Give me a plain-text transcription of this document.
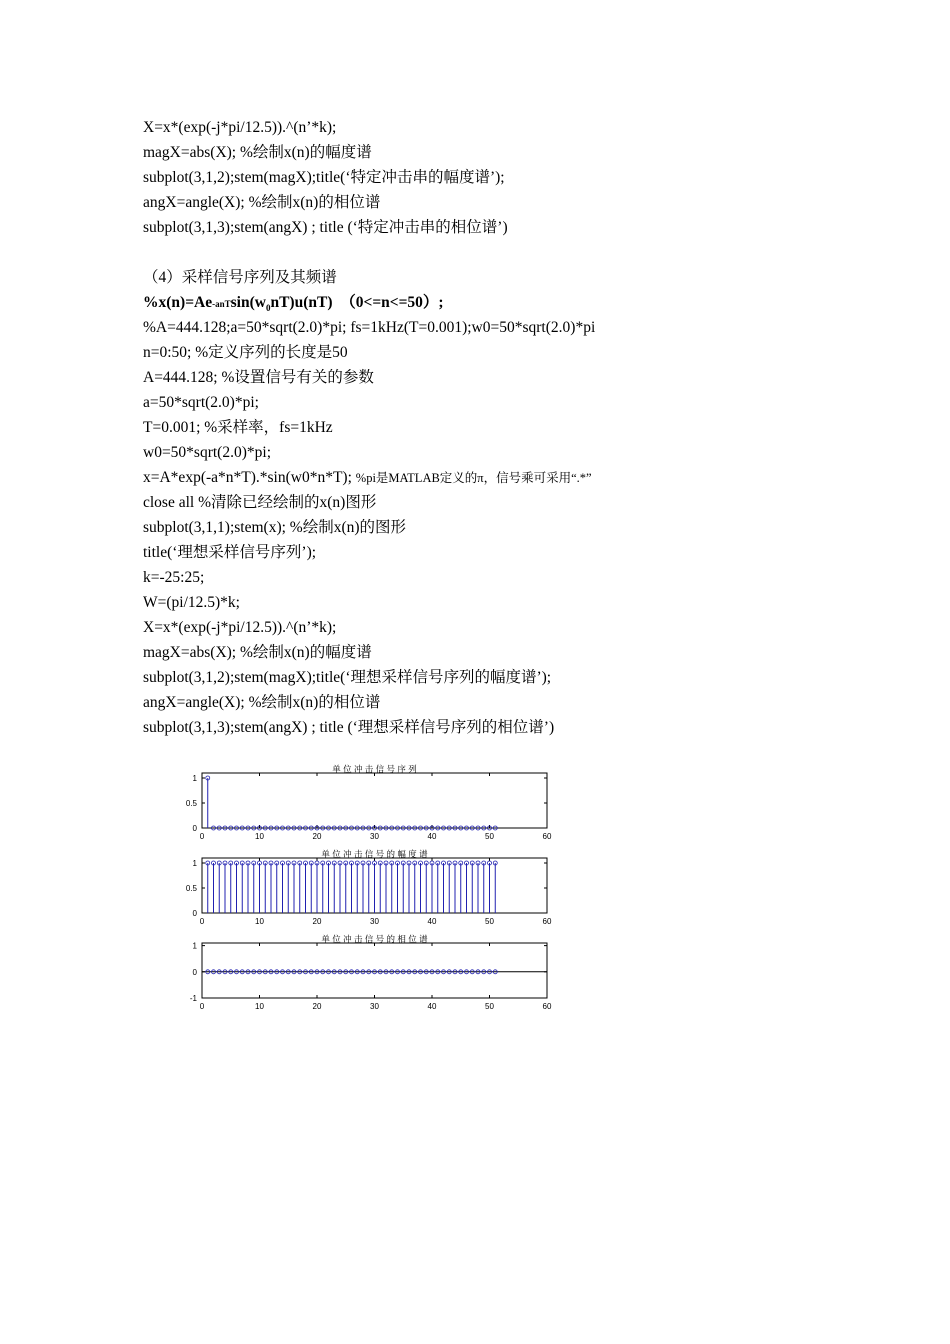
X=x*(exp(-j*pi/12.5)).^(n’*k);
magX=abs(X); %绘制x(n)的幅度谱
subplot(3,1,2);stem(magX);title(‘特定冲击串的幅度谱’);
angX=angle(X); %绘制x(n)的相位谱
subplot(3,1,3);stem(angX) ; title (‘特定冲击串的相位谱’)
（4）采样信号序列及其频谱
$\%x(n)=Ae-anTsin(w_0nT)u(nT)$ （0<=n<=50）;
%A=444.128;a=50*sqrt(2.0)*pi; fs=1kHz(T=0.001);w0=50*sqrt(2.0)*pi
n=0:50; %定义序列的长度是50
A=444.128; %设置信号有关的参数
a=50*sqrt(2.0)*pi;
T=0.001; %采样率，fs=1kHz
w0=50*sqrt(2.0)*pi;
x=A*exp(-a*n*T).*sin(w0*n*T); %pi是MATLAB定义的π，信号乘可采用“.*”
close all %清除已经绘制的x(n)图形
subplot(3,1,1);stem(x); %绘制x(n)的图形
title(‘理想采样信号序列’);
k=-25:25;
W=(pi/12.5)*k;
X=x*(exp(-j*pi/12.5)).^(n’*k);
magX=abs(X); %绘制x(n)的幅度谱
subplot(3,1,2);stem(magX);title(‘理想采样信号序列的幅度谱’);
angX=angle(X); %绘制x(n)的相位谱
subplot(3,1,3);stem(angX) ; title (‘理想采样信号序列的相位谱’)
单 位 冲 击 信 号 序 列
0	10	20	30	40	50	60
0
0.5
1
单 位 冲 击 信 号 的 幅 度 谱
0	10	20	30	40	50	60
0
0.5
1
单 位 冲 击 信 号 的 相 位 谱
0	10	20	30	40	50	60
-1
0
1
